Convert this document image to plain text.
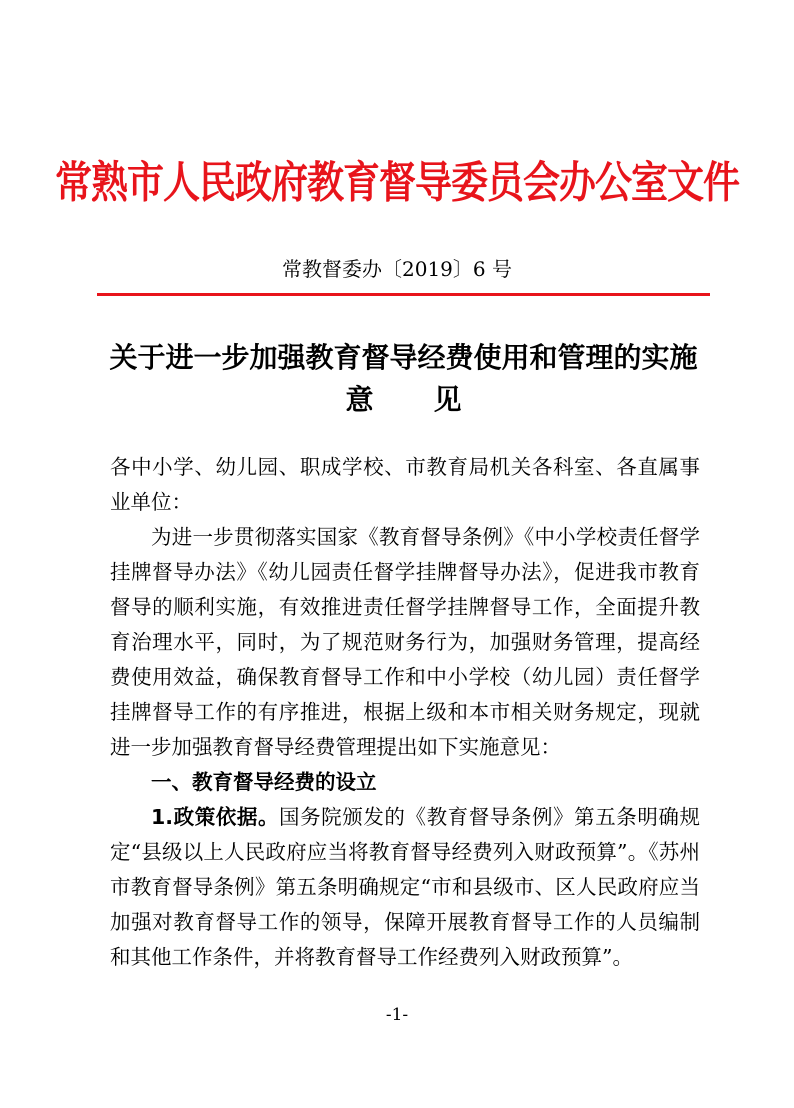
常熟市人民政府教育督导委员会办公室文件
常教督委办〔2019〕6 号
关于进一步加强教育督导经费使用和管理的实施
意见

各中小学、幼儿园、职成学校、市教育局机关各科室、各直属事业单位：

为进一步贯彻落实国家《教育督导条例》《中小学校责任督学挂牌督导办法》《幼儿园责任督学挂牌督导办法》，促进我市教育督导的顺利实施，有效推进责任督学挂牌督导工作，全面提升教育治理水平，同时，为了规范财务行为，加强财务管理，提高经费使用效益，确保教育督导工作和中小学校（幼儿园）责任督学挂牌督导工作的有序推进，根据上级和本市相关财务规定，现就进一步加强教育督导经费管理提出如下实施意见：

一、教育督导经费的设立

1.政策依据。国务院颁发的《教育督导条例》第五条明确规定“县级以上人民政府应当将教育督导经费列入财政预算”。《苏州市教育督导条例》第五条明确规定“市和县级市、区人民政府应当加强对教育督导工作的领导，保障开展教育督导工作的人员编制和其他工作条件，并将教育督导工作经费列入财政预算”。

-1-
